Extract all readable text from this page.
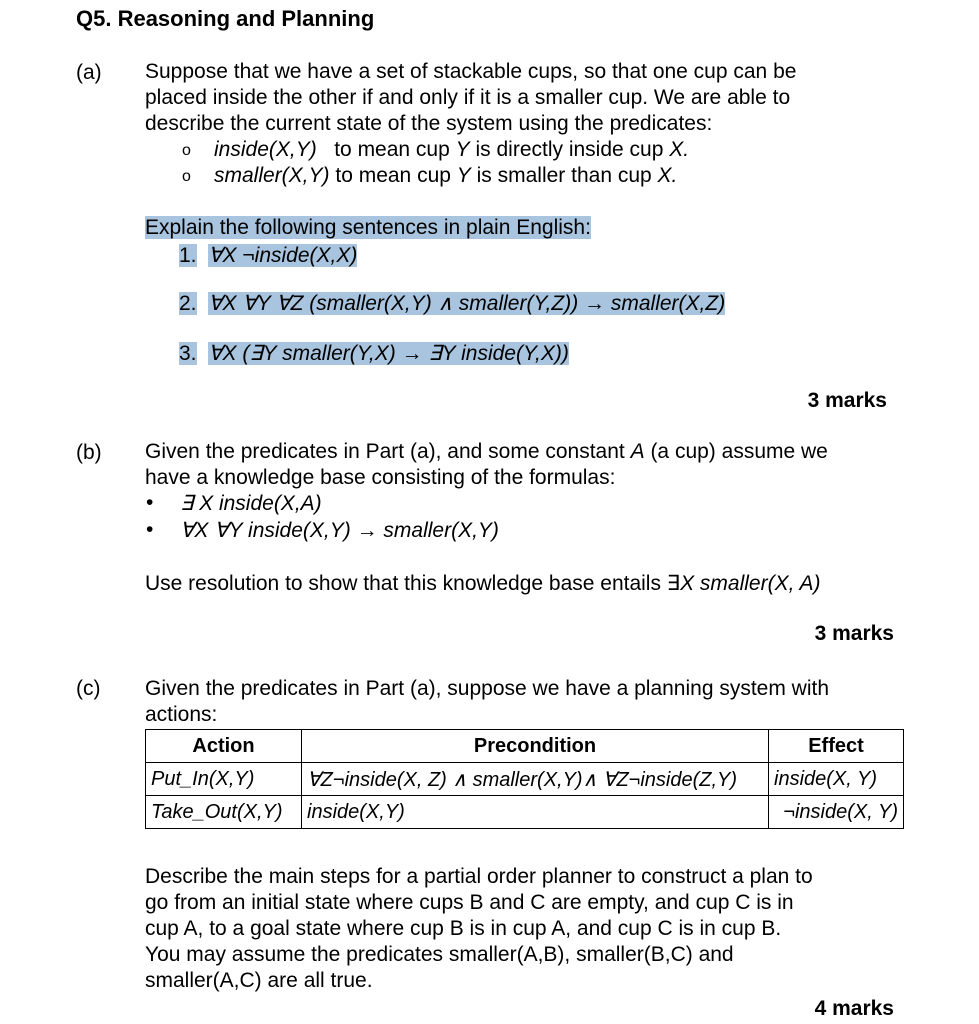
Q5. Reasoning and Planning
(a) Suppose that we have a set of stackable cups, so that one cup can be
placed inside the other if and only if it is a smaller cup. We are able to
describe the current state of the system using the predicates:
o inside(X,Y) to mean cup Y is directly inside cup X.
o smaller(X,Y) to mean cup Y is smaller than cup X.
Explain the following sentences in plain English:
1. ∀X ¬inside(X,X)
2. ∀X ∀Y ∀Z (smaller(X,Y) ∧ smaller(Y,Z)) → smaller(X,Z)
3. ∀X (∃Y smaller(Y,X) → ∃Y inside(Y,X))
3 marks
(b) Given the predicates in Part (a), and some constant A (a cup) assume we
have a knowledge base consisting of the formulas:
• ∃ X inside(X,A)
• ∀X ∀Y inside(X,Y) → smaller(X,Y)
Use resolution to show that this knowledge base entails ∃X smaller(X, A)
3 marks
(c) Given the predicates in Part (a), suppose we have a planning system with
actions:
Action	Precondition	Effect
Put_In(X,Y)	∀Z¬inside(X, Z) ∧ smaller(X,Y)∧ ∀Z¬inside(Z,Y)	inside(X, Y)
Take_Out(X,Y)	inside(X,Y)	¬inside(X, Y)
Describe the main steps for a partial order planner to construct a plan to
go from an initial state where cups B and C are empty, and cup C is in
cup A, to a goal state where cup B is in cup A, and cup C is in cup B.
You may assume the predicates smaller(A,B), smaller(B,C) and
smaller(A,C) are all true.
4 marks
